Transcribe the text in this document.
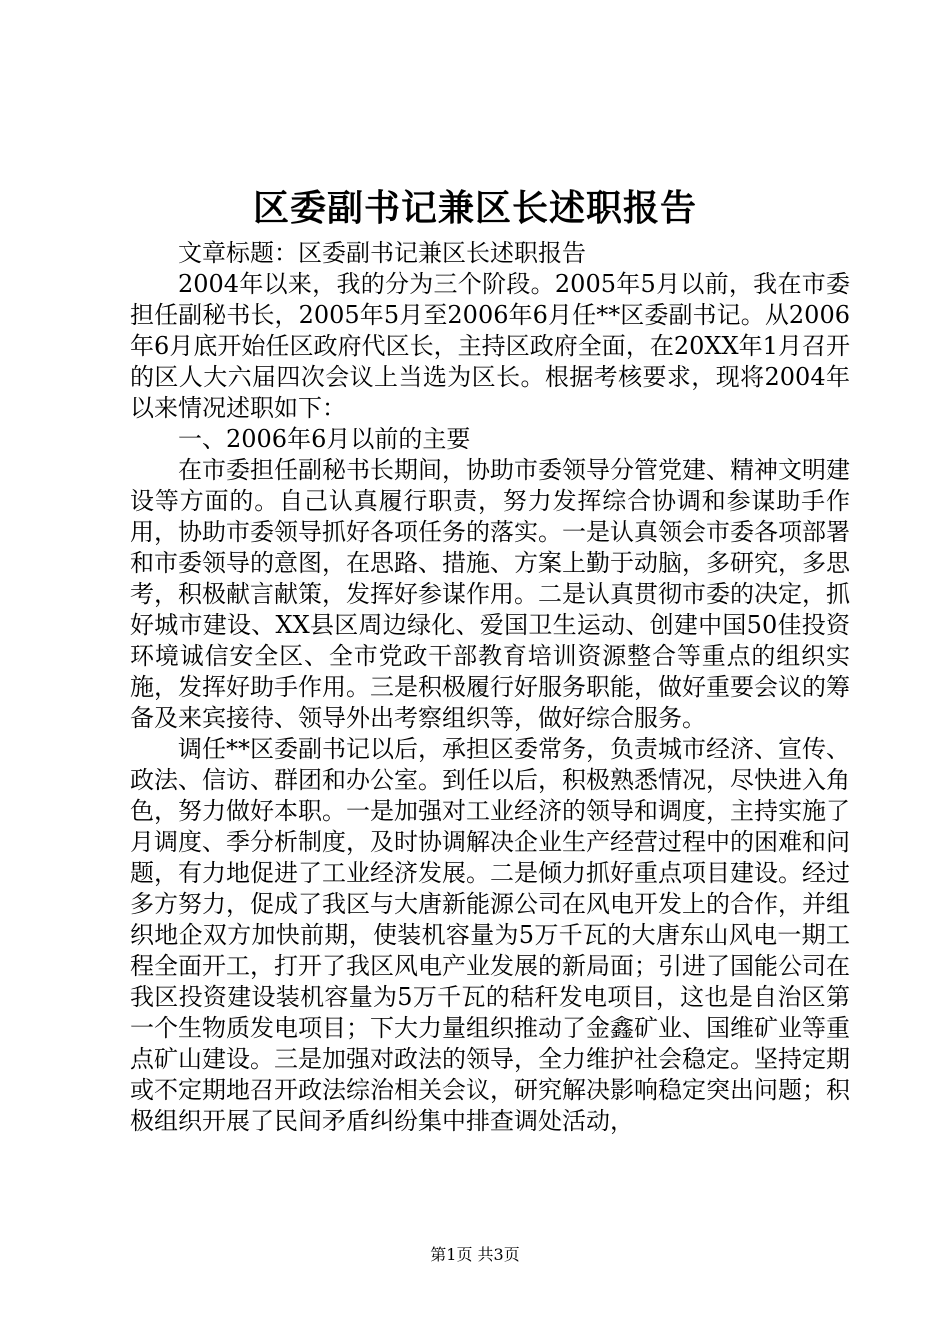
区委副书记兼区长述职报告

文章标题：区委副书记兼区长述职报告

2004年以来，我的分为三个阶段。2005年5月以前，我在市委担任副秘书长，2005年5月至2006年6月任**区委副书记。从2006年6月底开始任区政府代区长，主持区政府全面，在20XX年1月召开的区人大六届四次会议上当选为区长。根据考核要求，现将2004年以来情况述职如下：

一、2006年6月以前的主要

在市委担任副秘书长期间，协助市委领导分管党建、精神文明建设等方面的。自己认真履行职责，努力发挥综合协调和参谋助手作用，协助市委领导抓好各项任务的落实。一是认真领会市委各项部署和市委领导的意图，在思路、措施、方案上勤于动脑，多研究，多思考，积极献言献策，发挥好参谋作用。二是认真贯彻市委的决定，抓好城市建设、XX县区周边绿化、爱国卫生运动、创建中国50佳投资环境诚信安全区、全市党政干部教育培训资源整合等重点的组织实施，发挥好助手作用。三是积极履行好服务职能，做好重要会议的筹备及来宾接待、领导外出考察组织等，做好综合服务。

调任**区委副书记以后，承担区委常务，负责城市经济、宣传、政法、信访、群团和办公室。到任以后，积极熟悉情况，尽快进入角色，努力做好本职。一是加强对工业经济的领导和调度，主持实施了月调度、季分析制度，及时协调解决企业生产经营过程中的困难和问题，有力地促进了工业经济发展。二是倾力抓好重点项目建设。经过多方努力，促成了我区与大唐新能源公司在风电开发上的合作，并组织地企双方加快前期，使装机容量为5万千瓦的大唐东山风电一期工程全面开工，打开了我区风电产业发展的新局面；引进了国能公司在我区投资建设装机容量为5万千瓦的秸秆发电项目，这也是自治区第一个生物质发电项目；下大力量组织推动了金鑫矿业、国维矿业等重点矿山建设。三是加强对政法的领导，全力维护社会稳定。坚持定期或不定期地召开政法综治相关会议，研究解决影响稳定突出问题；积极组织开展了民间矛盾纠纷集中排查调处活动，

第1页 共3页
